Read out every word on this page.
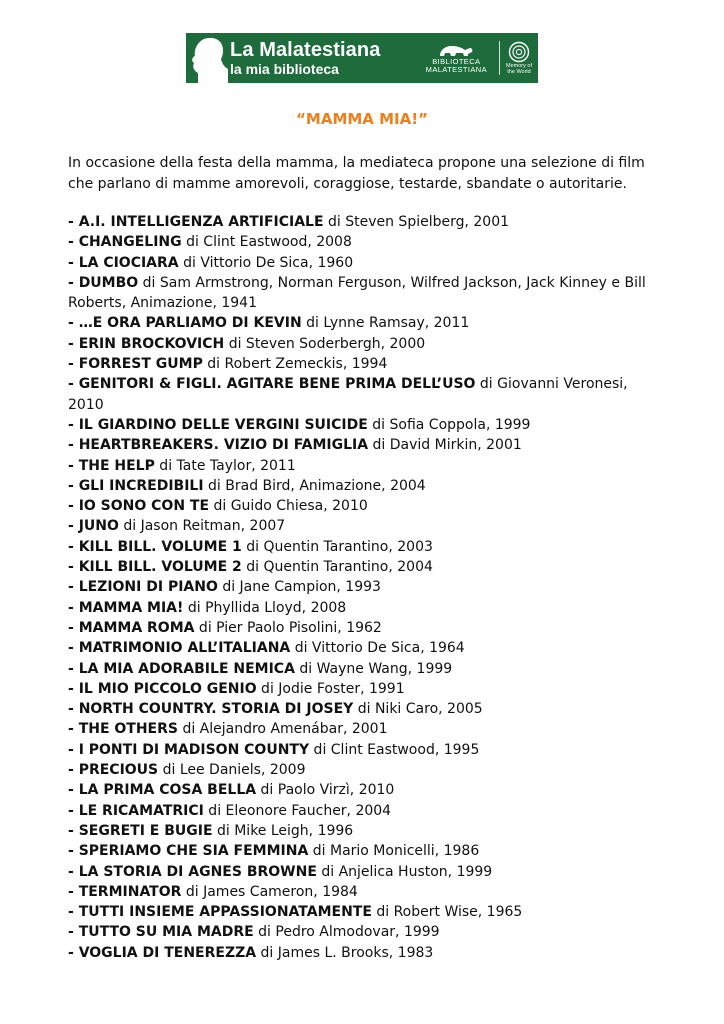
La Malatestiana
la mia biblioteca	BIBLIOTECA
MALATESTIANA	Memory of
the World
“MAMMA MIA!”

In occasione della festa della mamma, la mediateca propone una selezione di film che parlano di mamme amorevoli, coraggiose, testarde, sbandate o autoritarie.

- A.I. INTELLIGENZA ARTIFICIALE di Steven Spielberg, 2001
- CHANGELING di Clint Eastwood, 2008
- LA CIOCIARA di Vittorio De Sica, 1960
- DUMBO di Sam Armstrong, Norman Ferguson, Wilfred Jackson, Jack Kinney e Bill Roberts, Animazione, 1941
- …E ORA PARLIAMO DI KEVIN di Lynne Ramsay, 2011
- ERIN BROCKOVICH di Steven Soderbergh, 2000
- FORREST GUMP di Robert Zemeckis, 1994
- GENITORI & FIGLI. AGITARE BENE PRIMA DELL’USO di Giovanni Veronesi, 2010
- IL GIARDINO DELLE VERGINI SUICIDE di Sofia Coppola, 1999
- HEARTBREAKERS. VIZIO DI FAMIGLIA di David Mirkin, 2001
- THE HELP di Tate Taylor, 2011
- GLI INCREDIBILI di Brad Bird, Animazione, 2004
- IO SONO CON TE di Guido Chiesa, 2010
- JUNO di Jason Reitman, 2007
- KILL BILL. VOLUME 1 di Quentin Tarantino, 2003
- KILL BILL. VOLUME 2 di Quentin Tarantino, 2004
- LEZIONI DI PIANO di Jane Campion, 1993
- MAMMA MIA! di Phyllida Lloyd, 2008
- MAMMA ROMA di Pier Paolo Pisolini, 1962
- MATRIMONIO ALL’ITALIANA di Vittorio De Sica, 1964
- LA MIA ADORABILE NEMICA di Wayne Wang, 1999
- IL MIO PICCOLO GENIO di Jodie Foster, 1991
- NORTH COUNTRY. STORIA DI JOSEY di Niki Caro, 2005
- THE OTHERS di Alejandro Amenábar, 2001
- I PONTI DI MADISON COUNTY di Clint Eastwood, 1995
- PRECIOUS di Lee Daniels, 2009
- LA PRIMA COSA BELLA di Paolo Virzì, 2010
- LE RICAMATRICI di Eleonore Faucher, 2004
- SEGRETI E BUGIE di Mike Leigh, 1996
- SPERIAMO CHE SIA FEMMINA di Mario Monicelli, 1986
- LA STORIA DI AGNES BROWNE di Anjelica Huston, 1999
- TERMINATOR di James Cameron, 1984
- TUTTI INSIEME APPASSIONATAMENTE di Robert Wise, 1965
- TUTTO SU MIA MADRE di Pedro Almodovar, 1999
- VOGLIA DI TENEREZZA di James L. Brooks, 1983
